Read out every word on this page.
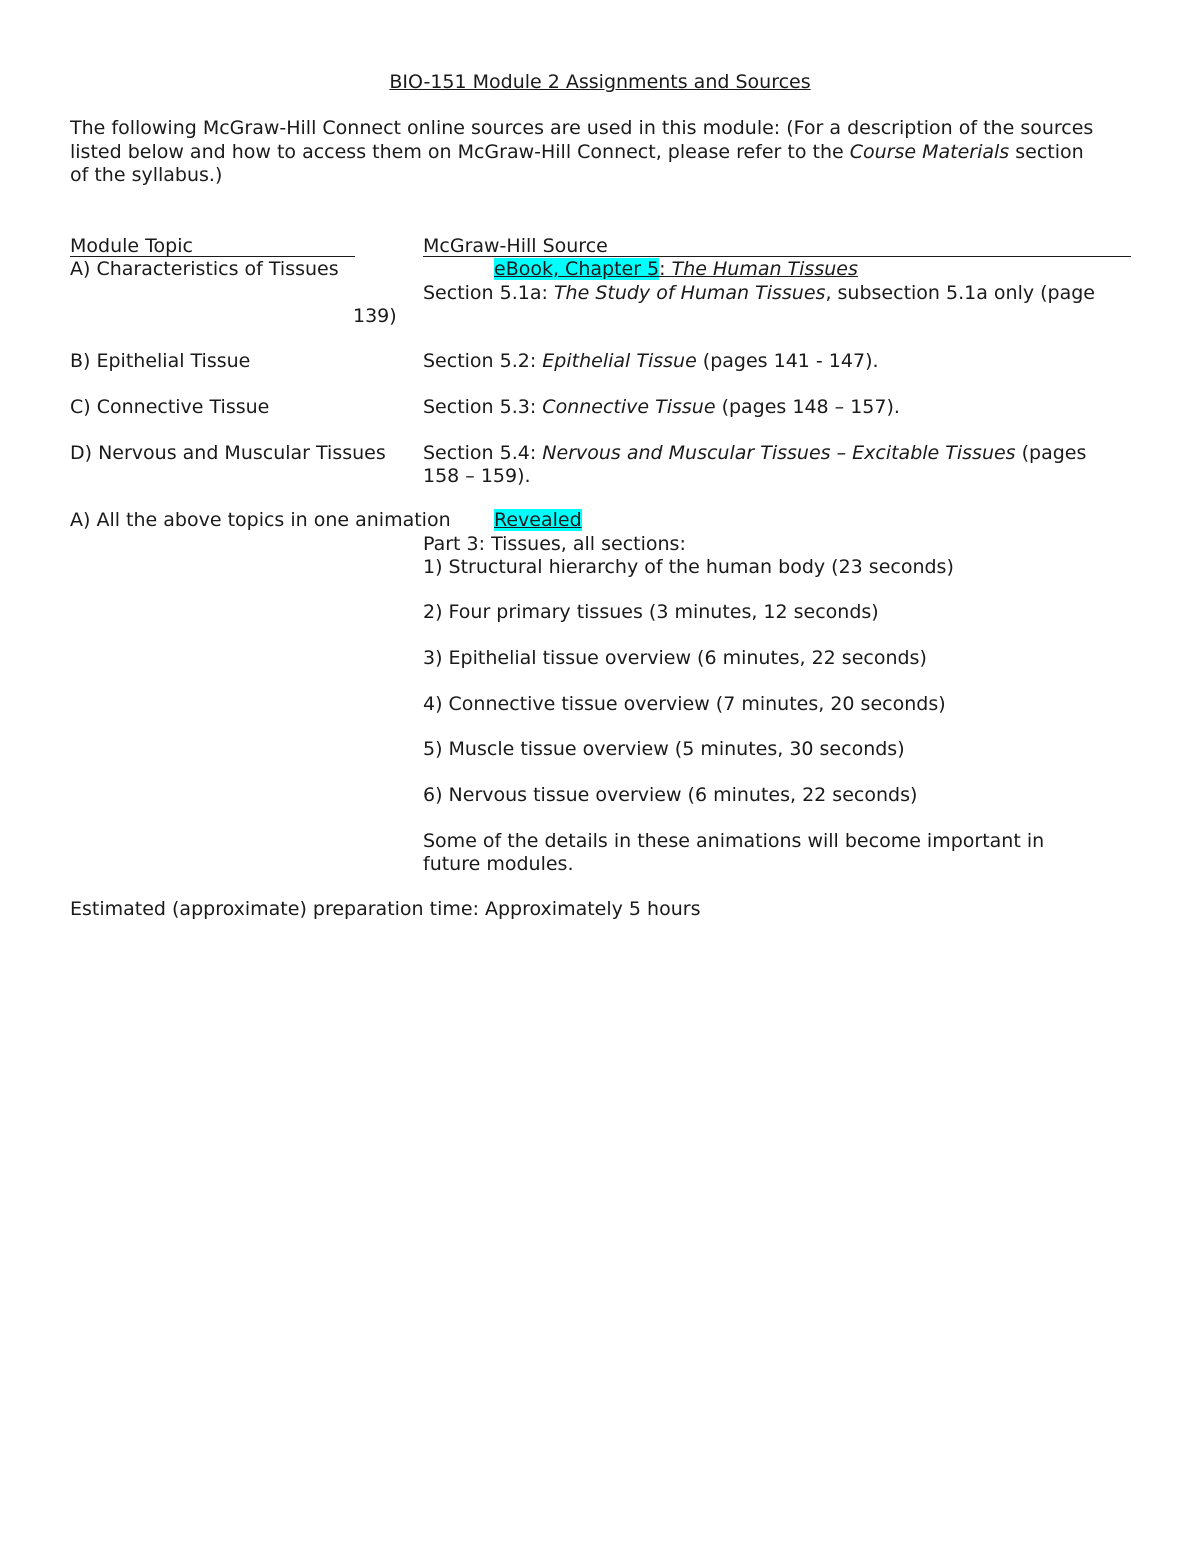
BIO-151 Module 2 Assignments and Sources
The following McGraw-Hill Connect online sources are used in this module: (For a description of the sources
listed below and how to access them on McGraw-Hill Connect, please refer to the Course Materials section
of the syllabus.)
Module Topic	McGraw-Hill Source
A) Characteristics of Tissues	eBook, Chapter 5: The Human Tissues
Section 5.1a: The Study of Human Tissues, subsection 5.1a only (page
139)
B) Epithelial Tissue	Section 5.2: Epithelial Tissue (pages 141 - 147).
C) Connective Tissue	Section 5.3: Connective Tissue (pages 148 – 157).
D) Nervous and Muscular Tissues Section 5.4: Nervous and Muscular Tissues – Excitable Tissues (pages
158 – 159).
A) All the above topics in one animation Revealed
Part 3: Tissues, all sections:
1) Structural hierarchy of the human body (23 seconds)
2) Four primary tissues (3 minutes, 12 seconds)
3) Epithelial tissue overview (6 minutes, 22 seconds)
4) Connective tissue overview (7 minutes, 20 seconds)
5) Muscle tissue overview (5 minutes, 30 seconds)
6) Nervous tissue overview (6 minutes, 22 seconds)
Some of the details in these animations will become important in
future modules.
Estimated (approximate) preparation time: Approximately 5 hours
